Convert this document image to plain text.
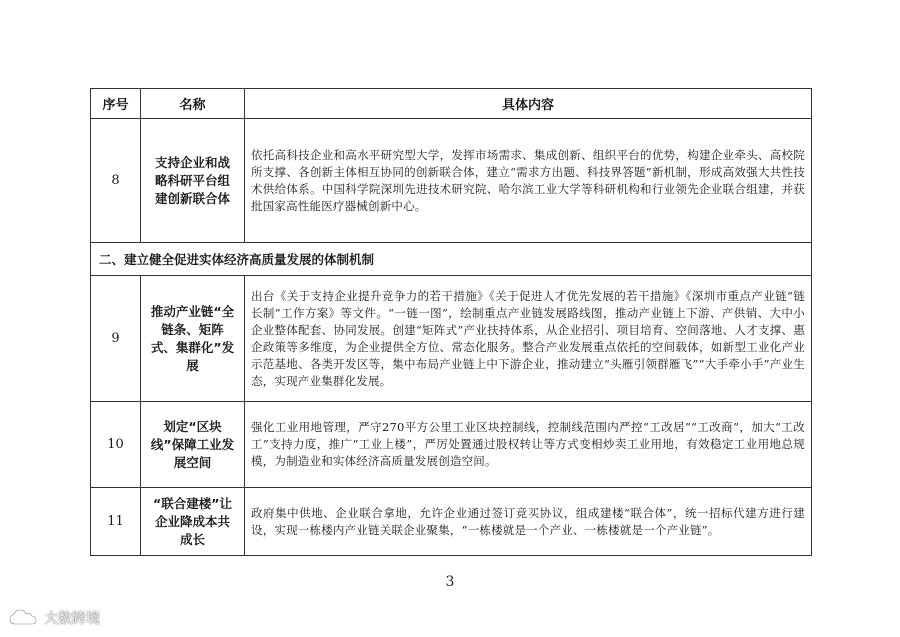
序号	名称	具体内容
8	支持企业和战略科研平台组建创新联合体	依托高科技企业和高水平研究型大学，发挥市场需求、集成创新、组织平台的优势，构建企业牵头、高校院所支撑、各创新主体相互协同的创新联合体，建立“需求方出题、科技界答题”新机制，形成高效强大共性技术供给体系。中国科学院深圳先进技术研究院、哈尔滨工业大学等科研机构和行业领先企业联合组建，并获批国家高性能医疗器械创新中心。
二、建立健全促进实体经济高质量发展的体制机制		
9	推动产业链“全链条、矩阵式、集群化”发展	出台《关于支持企业提升竞争力的若干措施》《关于促进人才优先发展的若干措施》《深圳市重点产业链“链长制”工作方案》等文件。“一链一图”，绘制重点产业链发展路线图，推动产业链上下游、产供销、大中小企业整体配套、协同发展。创建“矩阵式”产业扶持体系，从企业招引、项目培育、空间落地、人才支撑、惠企政策等多维度，为企业提供全方位、常态化服务。整合产业发展重点依托的空间载体，如新型工业化产业示范基地、各类开发区等，集中布局产业链上中下游企业，推动建立“头雁引领群雁飞”“大手牵小手”产业生态，实现产业集群化发展。
10	划定“区块线”保障工业发展空间	强化工业用地管理，严守270平方公里工业区块控制线，控制线范围内严控“工改居”“工改商”，加大“工改工”支持力度，推广“工业上楼”，严厉处置通过股权转让等方式变相炒卖工业用地，有效稳定工业用地总规模，为制造业和实体经济高质量发展创造空间。
11	“联合建楼”让企业降成本共成长	政府集中供地、企业联合拿地，允许企业通过签订竞买协议，组成建楼“联合体”，统一招标代建方进行建设，实现一栋楼内产业链关联企业聚集，“一栋楼就是一个产业、一栋楼就是一个产业链”。
3
大数跨境
